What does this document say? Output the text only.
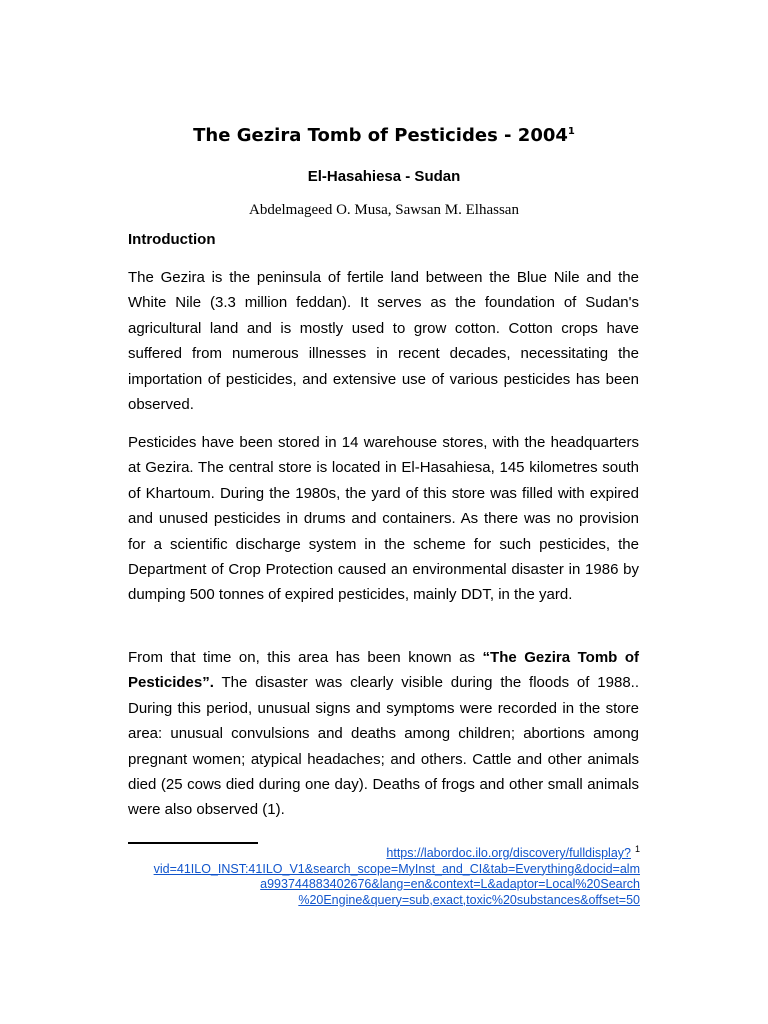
The Gezira Tomb of Pesticides - 2004$^1$
El-Hasahiesa - Sudan
Abdelmageed O. Musa, Sawsan M. Elhassan
Introduction

The Gezira is the peninsula of fertile land between the Blue Nile and the White Nile (3.3 million feddan). It serves as the foundation of Sudan's agricultural land and is mostly used to grow cotton. Cotton crops have suffered from numerous illnesses in recent decades, necessitating the importation of pesticides, and extensive use of various pesticides has been observed.

Pesticides have been stored in 14 warehouse stores, with the headquarters at Gezira. The central store is located in El-Hasahiesa, 145 kilometres south of Khartoum. During the 1980s, the yard of this store was filled with expired and unused pesticides in drums and containers. As there was no provision for a scientific discharge system in the scheme for such pesticides, the Department of Crop Protection caused an environmental disaster in 1986 by dumping 500 tonnes of expired pesticides, mainly DDT, in the yard.

From that time on, this area has been known as “The Gezira Tomb of Pesticides”. The disaster was clearly visible during the floods of 1988.. During this period, unusual signs and symptoms were recorded in the store area: unusual convulsions and deaths among children; abortions among pregnant women; atypical headaches; and others. Cattle and other animals died (25 cows died during one day). Deaths of frogs and other small animals were also observed (1).

https://labordoc.ilo.org/discovery/fulldisplay? $^1$
vid=41ILO_INST:41ILO_V1&search_scope=MyInst_and_CI&tab=Everything&docid=alm
a993744883402676&lang=en&context=L&adaptor=Local%20Search
%20Engine&query=sub,exact,toxic%20substances&offset=50
